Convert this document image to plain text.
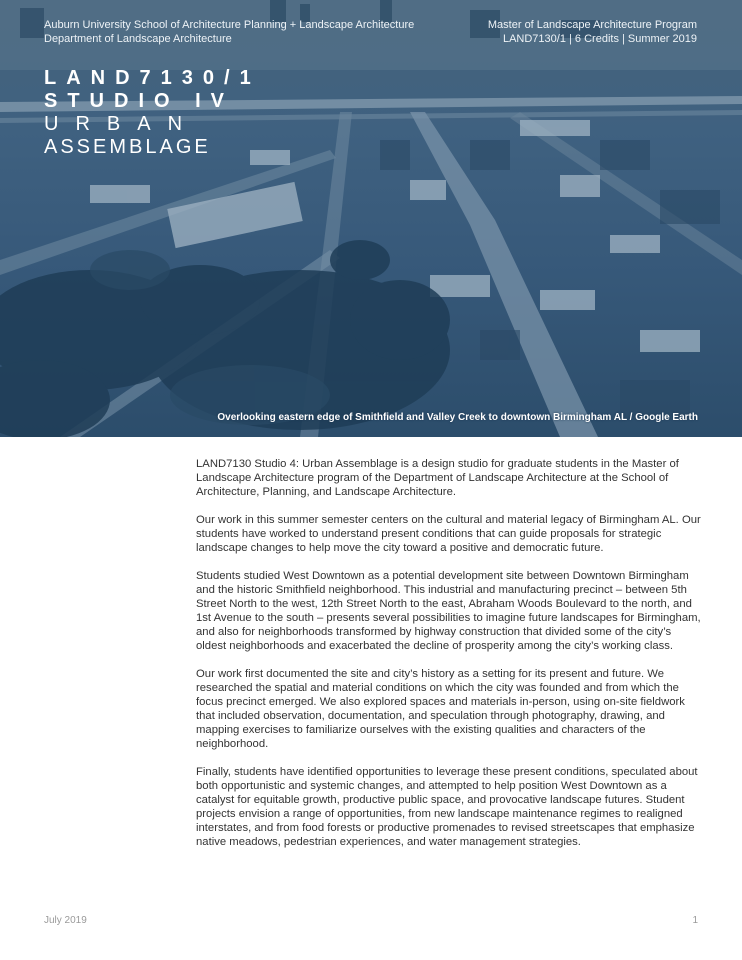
Auburn University School of Architecture Planning + Landscape Architecture
Department of Landscape Architecture
Master of Landscape Architecture Program
LAND7130/1 | 6 Credits | Summer 2019
LAND7130/1
STUDIO IV
URBAN
ASSEMBLAGE
Overlooking eastern edge of Smithfield and Valley Creek to downtown Birmingham AL / Google Earth

LAND7130 Studio 4: Urban Assemblage is a design studio for graduate students in the Master of Landscape Architecture program of the Department of Landscape Architecture at the School of Architecture, Planning, and Landscape Architecture.

Our work in this summer semester centers on the cultural and material legacy of Birmingham AL. Our students have worked to understand present conditions that can guide proposals for strategic landscape changes to help move the city toward a positive and democratic future.

Students studied West Downtown as a potential development site between Downtown Birmingham and the historic Smithfield neighborhood. This industrial and manufacturing precinct – between 5th Street North to the west, 12th Street North to the east, Abraham Woods Boulevard to the north, and 1st Avenue to the south – presents several possibilities to imagine future landscapes for Birmingham, and also for neighborhoods transformed by highway construction that divided some of the city’s oldest neighborhoods and exacerbated the decline of prosperity among the city’s working class.

Our work first documented the site and city’s history as a setting for its present and future. We researched the spatial and material conditions on which the city was founded and from which the focus precinct emerged. We also explored spaces and materials in-person, using on-site fieldwork that included observation, documentation, and speculation through photography, drawing, and mapping exercises to familiarize ourselves with the existing qualities and characters of the neighborhood.

Finally, students have identified opportunities to leverage these present conditions, speculated about both opportunistic and systemic changes, and attempted to help position West Downtown as a catalyst for equitable growth, productive public space, and provocative landscape futures. Student projects envision a range of opportunities, from new landscape maintenance regimes to realigned interstates, and from food forests or productive promenades to revised streetscapes that emphasize native meadows, pedestrian experiences, and water management strategies.

July 2019	1
